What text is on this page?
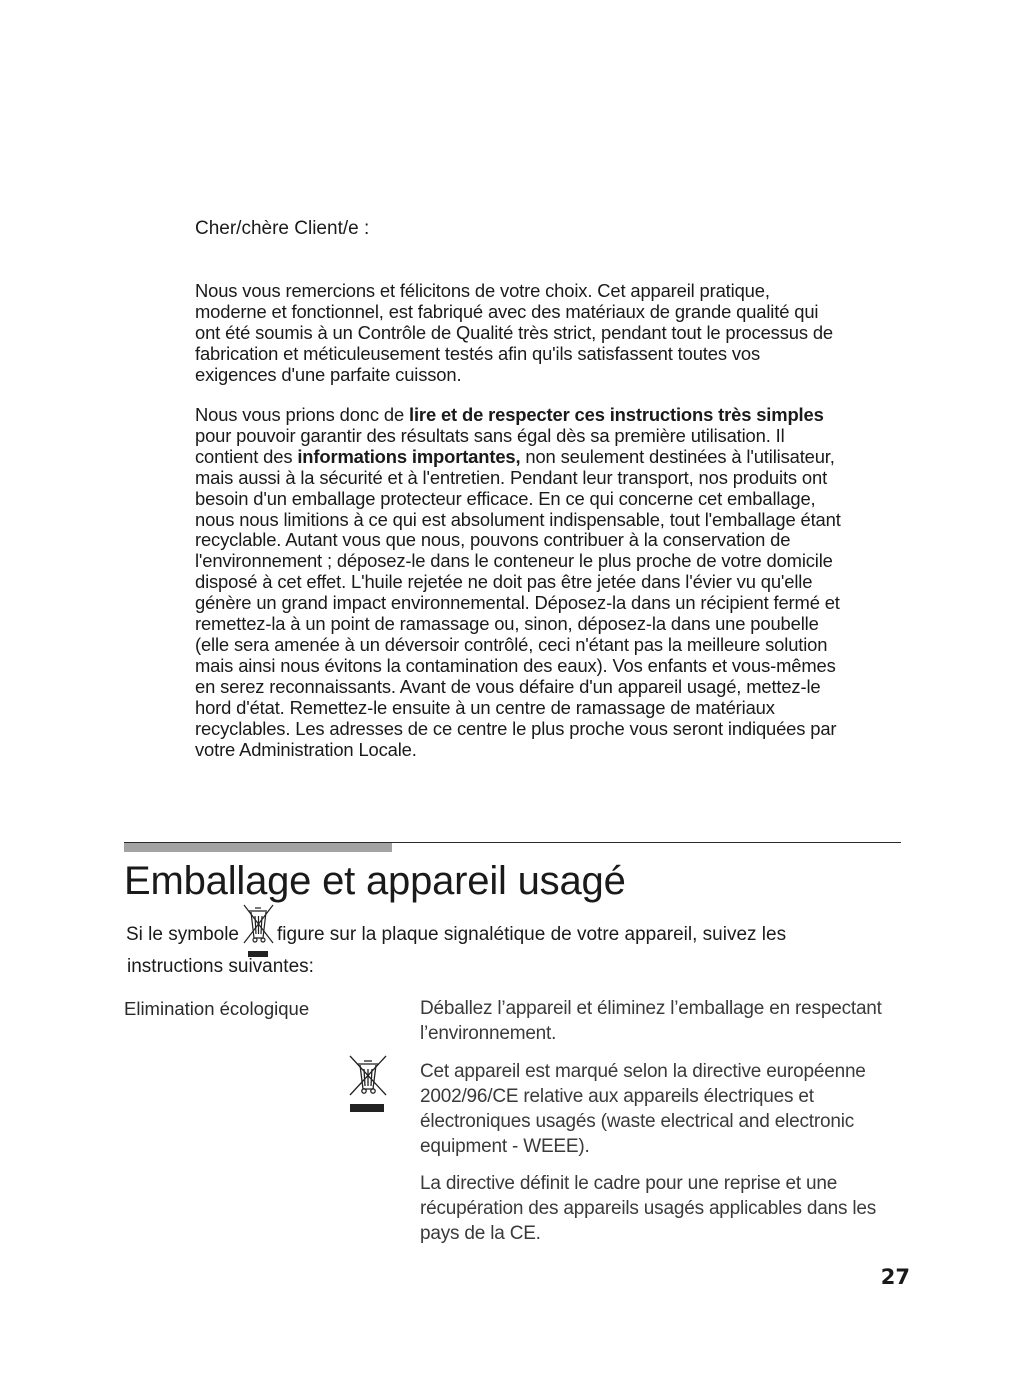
Cher/chère Client/e :

Nous vous remercions et félicitons de votre choix. Cet appareil pratique, moderne et fonctionnel, est fabriqué avec des matériaux de grande qualité qui ont été soumis à un Contrôle de Qualité très strict, pendant tout le processus de fabrication et méticuleusement testés afin qu'ils satisfassent toutes vos exigences d'une parfaite cuisson.

Nous vous prions donc de lire et de respecter ces instructions très simples pour pouvoir garantir des résultats sans égal dès sa première utilisation. Il contient des informations importantes, non seulement destinées à l'utilisateur, mais aussi à la sécurité et à l'entretien. Pendant leur transport, nos produits ont besoin d'un emballage protecteur efficace. En ce qui concerne cet emballage, nous nous limitions à ce qui est absolument indispensable, tout l'emballage étant recyclable. Autant vous que nous, pouvons contribuer à la conservation de l'environnement ; déposez-le dans le conteneur le plus proche de votre domicile disposé à cet effet. L'huile rejetée ne doit pas être jetée dans l'évier vu qu'elle génère un grand impact environnemental. Déposez-la dans un récipient fermé et remettez-la à un point de ramassage ou, sinon, déposez-la dans une poubelle (elle sera amenée à un déversoir contrôlé, ceci n'étant pas la meilleure solution mais ainsi nous évitons la contamination des eaux). Vos enfants et vous-mêmes en serez reconnaissants. Avant de vous défaire d'un appareil usagé, mettez-le hord d'état. Remettez-le ensuite à un centre de ramassage de matériaux recyclables. Les adresses de ce centre le plus proche vous seront indiquées par votre Administration Locale.

Emballage et appareil usagé

Si le symbole figure sur la plaque signalétique de votre appareil, suivez les

instructions suivantes:

Elimination écologique	Déballez l’appareil et éliminez l’emballage en respectant l’environnement.

Cet appareil est marqué selon la directive européenne 2002/96/CE relative aux appareils électriques et électroniques usagés (waste electrical and electronic equipment - WEEE).

La directive définit le cadre pour une reprise et une récupération des appareils usagés applicables dans les pays de la CE.

27
